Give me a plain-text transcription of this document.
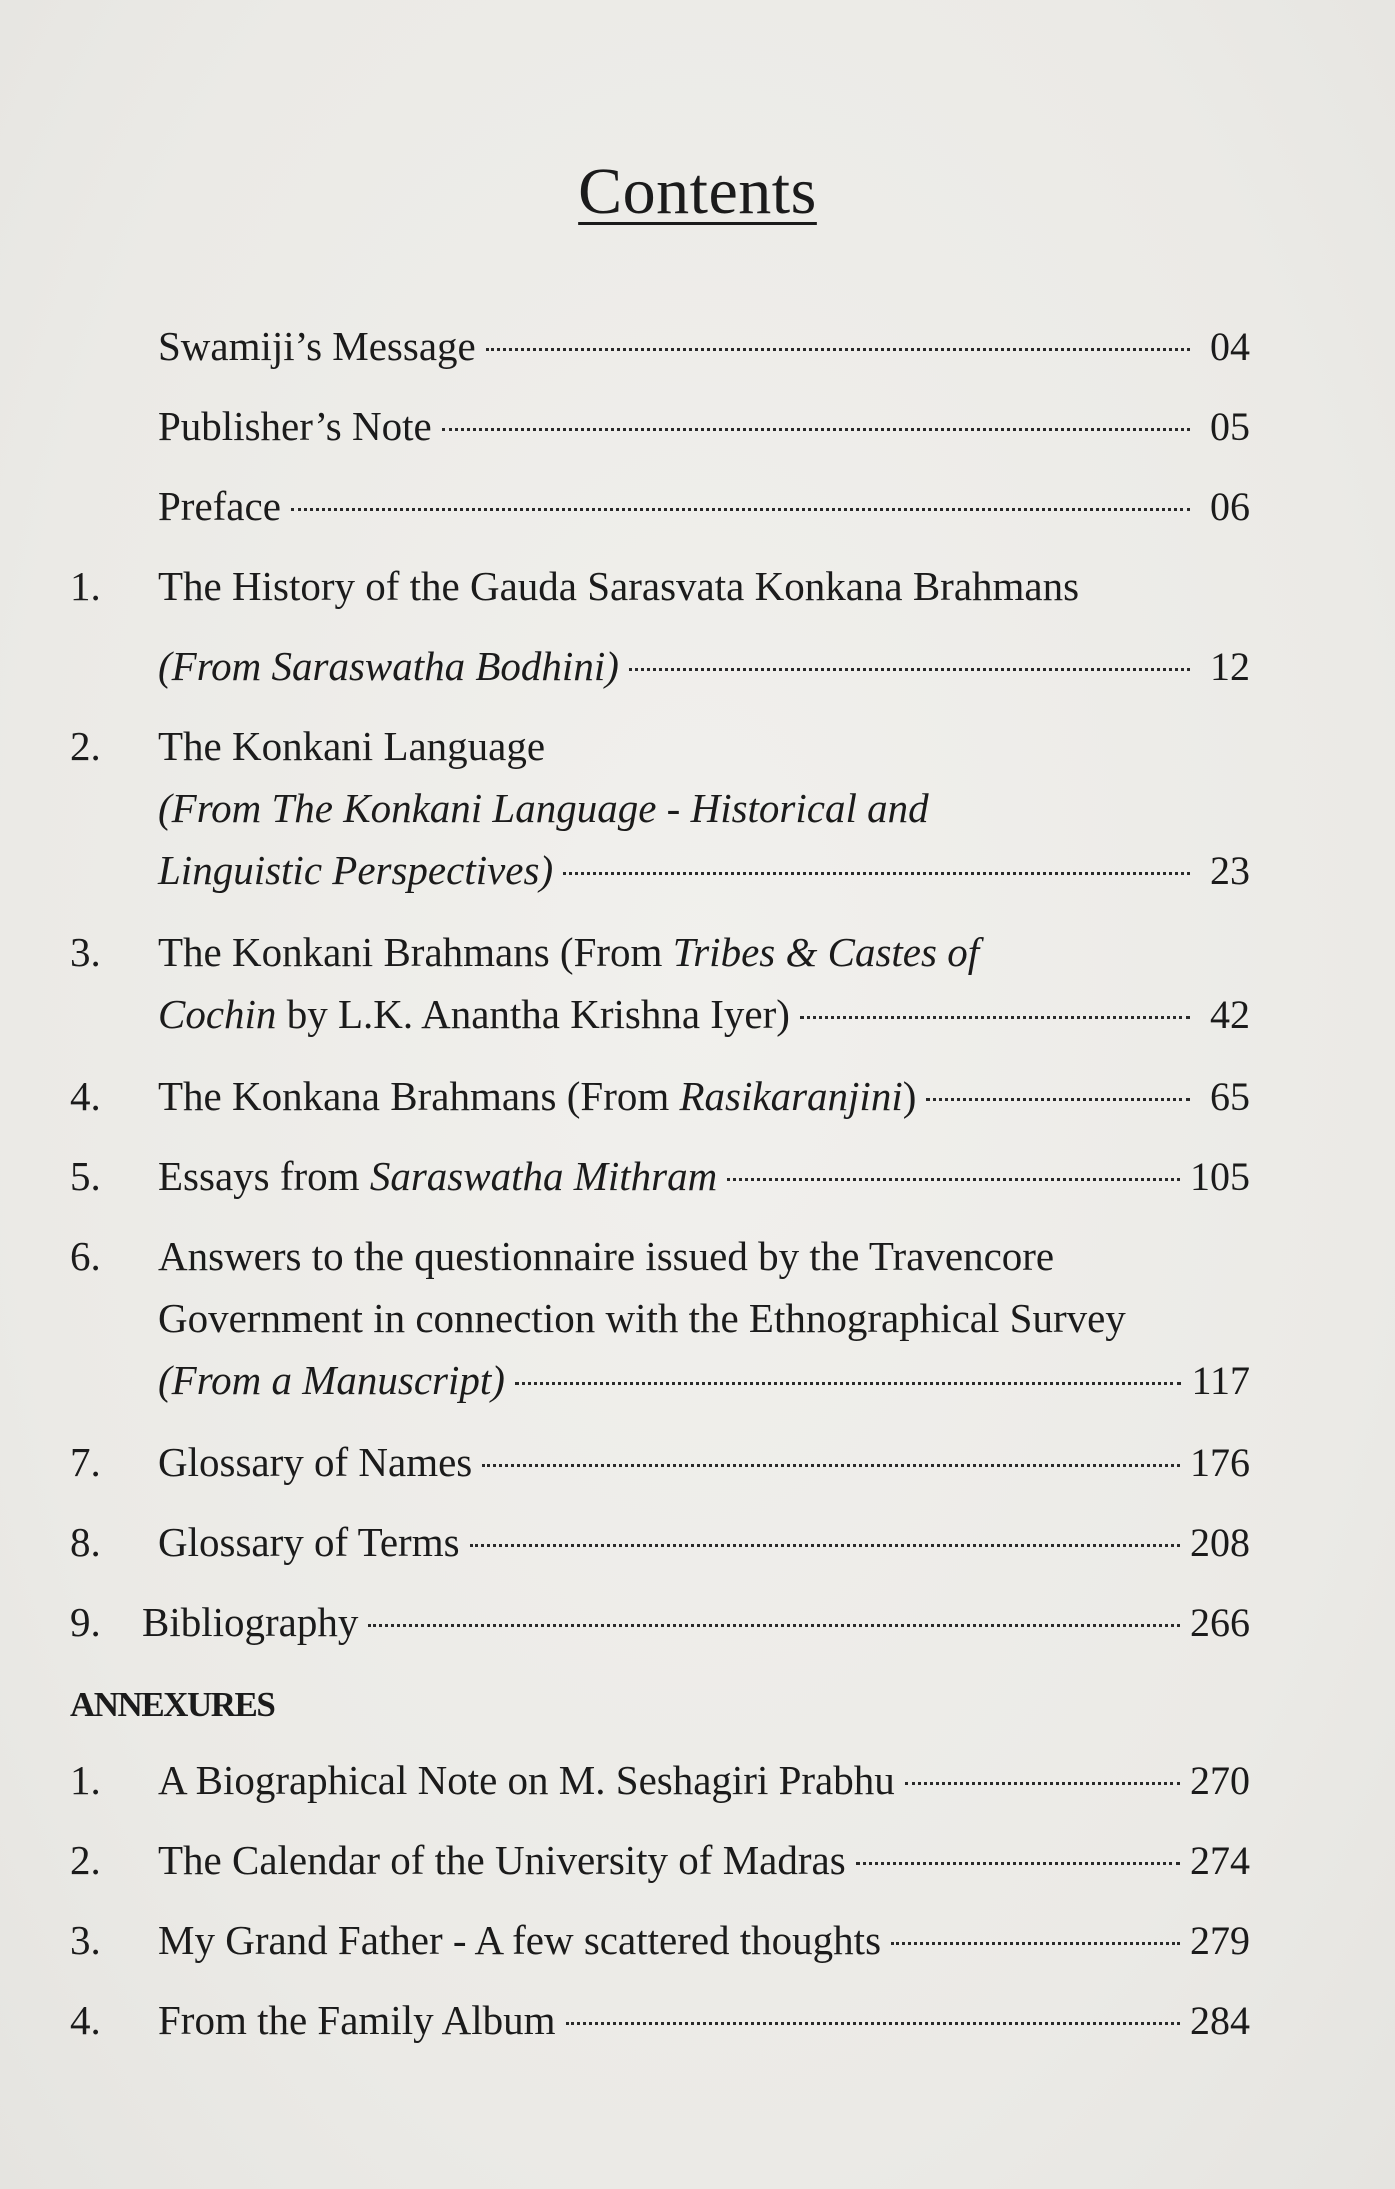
Contents
Swamiji’s Message	04
Publisher’s Note	05
Preface	06
1. The History of the Gauda Sarasvata Konkana Brahmans
(From Saraswatha Bodhini)	12
2. The Konkani Language
(From The Konkani Language - Historical and
Linguistic Perspectives)	23
3. The Konkani Brahmans (From Tribes & Castes of
Cochin by L.K. Anantha Krishna Iyer)	42
4. The Konkana Brahmans (From Rasikaranjini )	65
5. Essays from Saraswatha Mithram	105
6. Answers to the questionnaire issued by the Travencore
Government in connection with the Ethnographical Survey
(From a Manuscript)	117
7. Glossary of Names	176
8. Glossary of Terms	208
9. Bibliography	266
ANNEXURES
1. A Biographical Note on M. Seshagiri Prabhu	270
2. The Calendar of the University of Madras	274
3. My Grand Father - A few scattered thoughts	279
4. From the Family Album	284
